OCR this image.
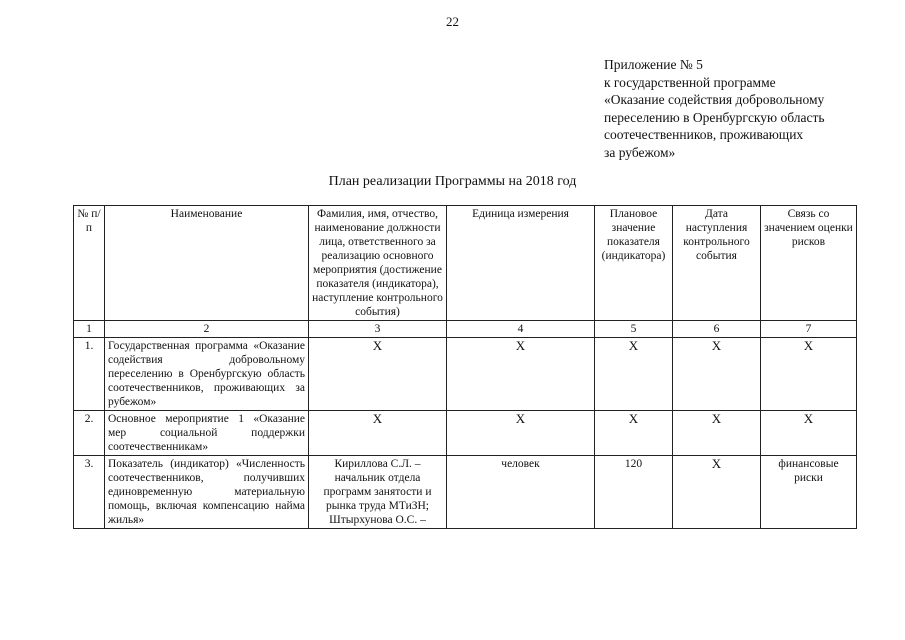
22
Приложение № 5
к государственной программе
«Оказание содействия добровольному
переселению в Оренбургскую область
соотечественников, проживающих
за рубежом»
План реализации Программы на 2018 год
№ п/п	Наименование	Фамилия, имя, отчество, наименование должности лица, ответственного за реализацию основного мероприятия (достижение показателя (индикатора), наступление контрольного события)	Единица измерения	Плановое значение показателя (индикатора)	Дата наступления контрольного события	Связь со значением оценки рисков
1	2	3	4	5	6	7
1.	Государственная программа «Оказание содействия добровольному переселению в Оренбургскую область соотечественников, проживающих за рубежом»	Х	Х	Х	Х	Х
2.	Основное мероприятие 1 «Оказание мер социальной поддержки соотечественникам»	Х	Х	Х	Х	Х
3.	Показатель (индикатор) «Численность соотечественников, получивших единовременную материальную помощь, включая компенсацию найма жилья»	Кириллова С.Л. – начальник отдела программ занятости и рынка труда МТиЗН; Штырхунова О.С. –	человек	120	Х	финансовые риски
